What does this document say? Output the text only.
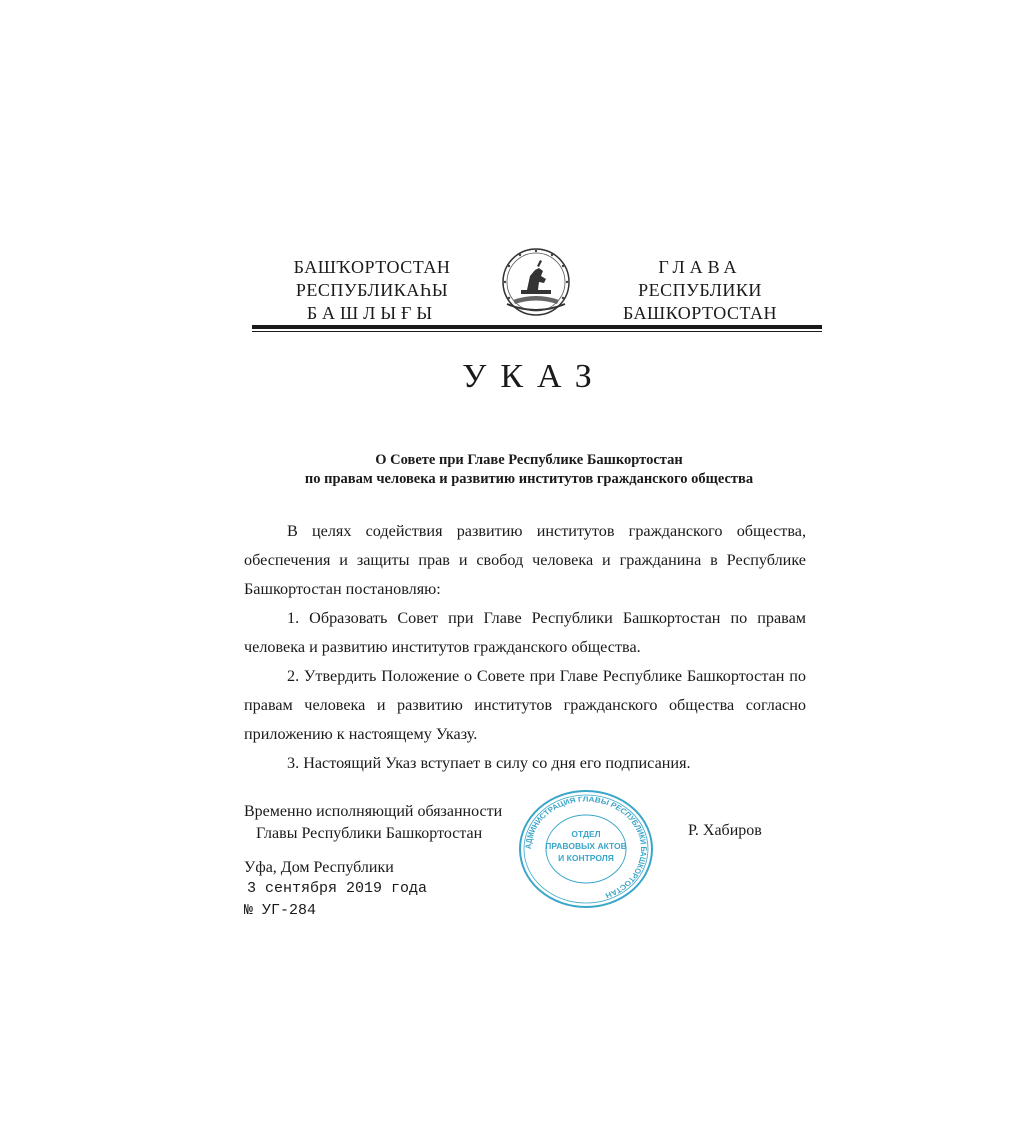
БАШҠОРТОСТАН
РЕСПУБЛИКАҺЫ
БАШЛЫҒЫ
ГЛАВА
РЕСПУБЛИКИ
БАШКОРТОСТАН
УКАЗ
О Совете при Главе Республике Башкортостан
по правам человека и развитию институтов гражданского общества

В целях содействия развитию институтов гражданского общества, обеспечения и защиты прав и свобод человека и гражданина в Республике Башкортостан постановляю:

1. Образовать Совет при Главе Республики Башкортостан по правам человека и развитию институтов гражданского общества.

2. Утвердить Положение о Совете при Главе Республике Башкортостан по правам человека и развитию институтов гражданского общества согласно приложению к настоящему Указу.

3. Настоящий Указ вступает в силу со дня его подписания.

Временно исполняющий обязанности
Главы Республики Башкортостан	Р. Хабиров
АДМИНИСТРАЦИЯ ГЛАВЫ РЕСПУБЛИКИ БАШКОРТОСТАН
ОТДЕЛ
ПРАВОВЫХ АКТОВ
И КОНТРОЛЯ
Уфа, Дом Республики
3 сентября 2019 года
№ УГ-284
